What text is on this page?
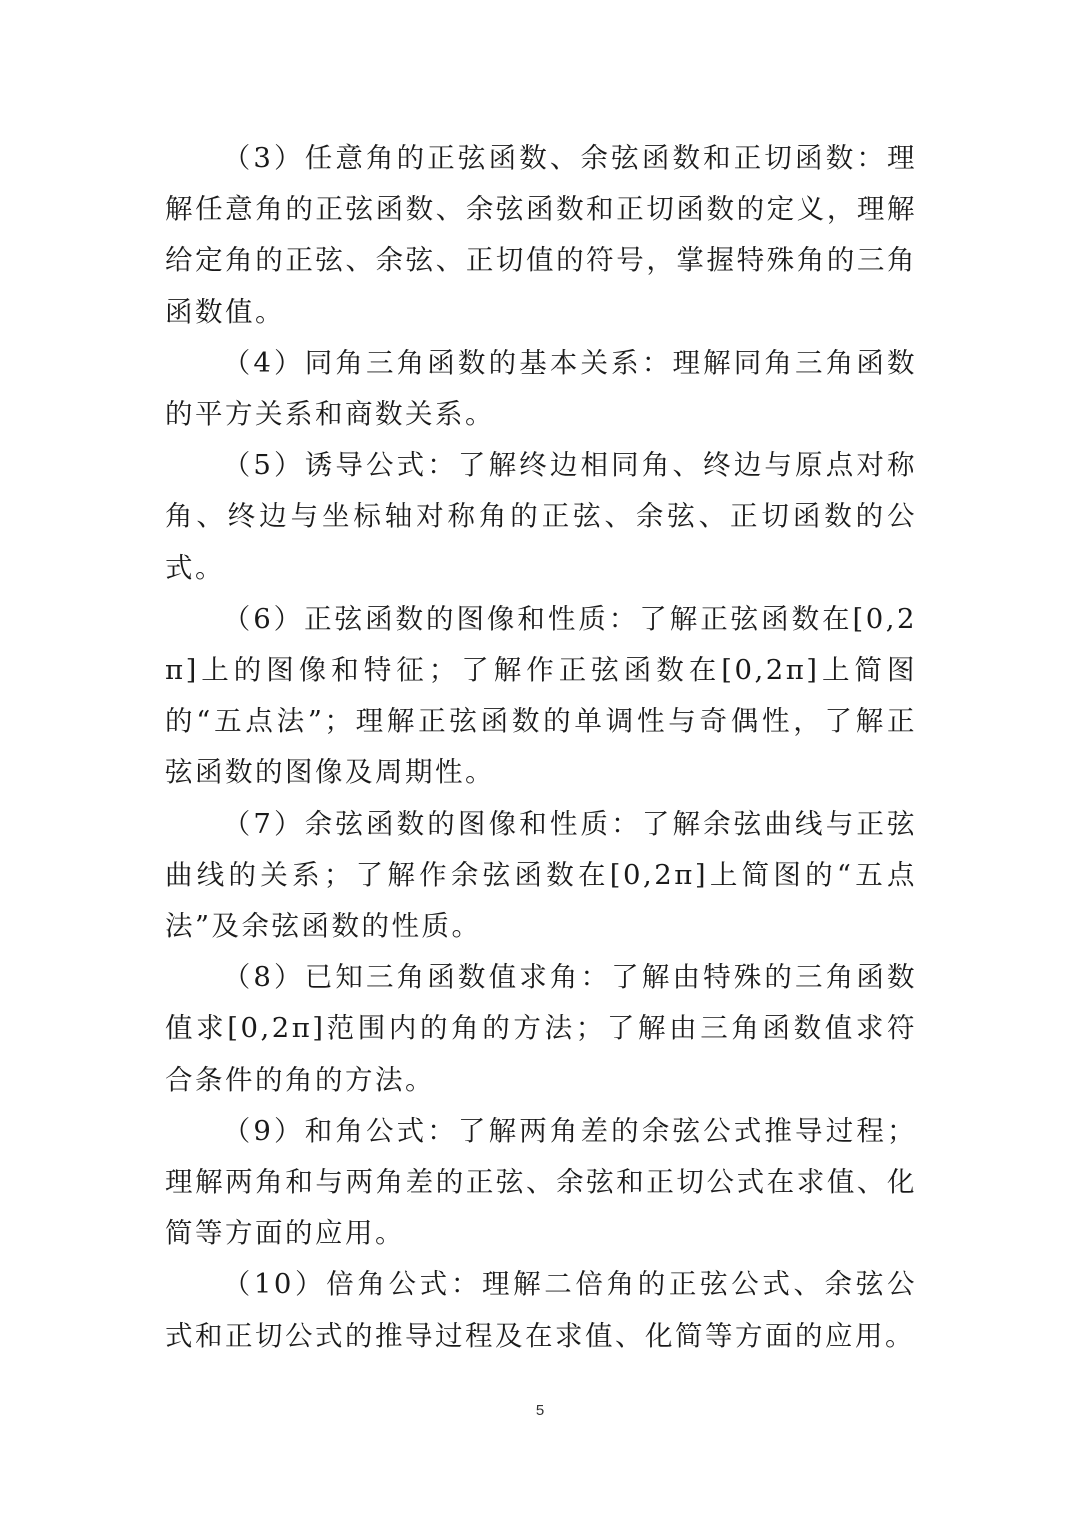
（3）任意角的正弦函数、余弦函数和正切函数：理解任意角的正弦函数、余弦函数和正切函数的定义，理解给定角的正弦、余弦、正切值的符号，掌握特殊角的三角函数值。

（4）同角三角函数的基本关系：理解同角三角函数的平方关系和商数关系。

（5）诱导公式：了解终边相同角、终边与原点对称角、终边与坐标轴对称角的正弦、余弦、正切函数的公式。

（6）正弦函数的图像和性质：了解正弦函数在[0,2π]上的图像和特征；了解作正弦函数在[0,2π]上简图的“五点法”；理解正弦函数的单调性与奇偶性，了解正弦函数的图像及周期性。

（7）余弦函数的图像和性质：了解余弦曲线与正弦曲线的关系；了解作余弦函数在[0,2π]上简图的“五点法”及余弦函数的性质。

（8）已知三角函数值求角：了解由特殊的三角函数值求[0,2π]范围内的角的方法；了解由三角函数值求符合条件的角的方法。

（9）和角公式：了解两角差的余弦公式推导过程；理解两角和与两角差的正弦、余弦和正切公式在求值、化简等方面的应用。

（10）倍角公式：理解二倍角的正弦公式、余弦公式和正切公式的推导过程及在求值、化简等方面的应用。

5
